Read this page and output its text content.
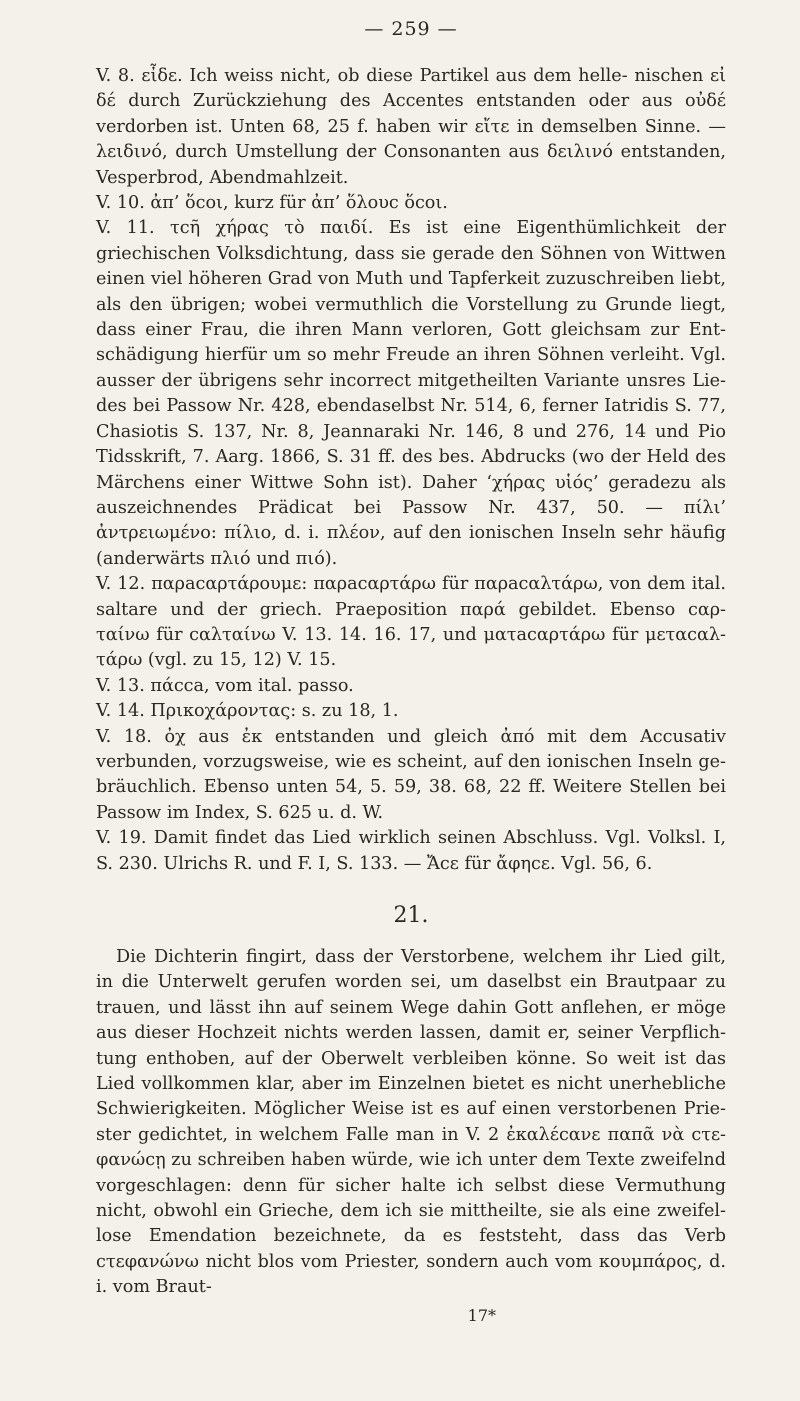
— 259 —

V. 8. εἶδε. Ich weiss nicht, ob diese Partikel aus dem helle- nischen εἰ δέ durch Zurückziehung des Accentes entstanden oder aus οὐδέ verdorben ist. Unten 68, 25 f. haben wir εἴτε in demselben Sinne. — λειδινό, durch Umstellung der Consonanten aus δειλινό entstanden, Vesperbrod, Abendmahlzeit.

V. 10. ἀπ’ ὅcoι, kurz für ἀπ’ ὅλουc ὅcoι.

V. 11. τcῆ χήρας τὸ παιδί. Es ist eine Eigenthümlichkeit der griechischen Volksdichtung, dass sie gerade den Söhnen von Wittwen einen viel höheren Grad von Muth und Tapferkeit zuzuschreiben liebt, als den übrigen; wobei vermuthlich die Vorstellung zu Grunde liegt, dass einer Frau, die ihren Mann verloren, Gott gleichsam zur Ent- schädigung hierfür um so mehr Freude an ihren Söhnen verleiht. Vgl. ausser der übrigens sehr incorrect mitgetheilten Variante unsres Lie- des bei Passow Nr. 428, ebendaselbst Nr. 514, 6, ferner Iatridis S. 77, Chasiotis S. 137, Nr. 8, Jeannaraki Nr. 146, 8 und 276, 14 und Pio Tidsskrift, 7. Aarg. 1866, S. 31 ff. des bes. Abdrucks (wo der Held des Märchens einer Wittwe Sohn ist). Daher ‘χήρας υἱός’ geradezu als auszeichnendes Prädicat bei Passow Nr. 437, 50. — πίλι’ ἀντρειωμένο: πίλιο, d. i. πλέον, auf den ionischen Inseln sehr häufig (anderwärts πλιό und πιό).

V. 12. παρacαρτάρουμε: παρacαρτάρω für παρacαλτάρω, von dem ital. saltare und der griech. Praeposition παρά gebildet. Ebenso cαρ- ταίνω für cαλταίνω V. 13. 14. 16. 17, und ματacαρτάρω für μεταcαλ- τάρω (vgl. zu 15, 12) V. 15.

V. 13. πάcca, vom ital. passo.

V. 14. Πρικοχάροντας: s. zu 18, 1.

V. 18. ὀχ aus ἐκ entstanden und gleich ἀπό mit dem Accusativ verbunden, vorzugsweise, wie es scheint, auf den ionischen Inseln ge- bräuchlich. Ebenso unten 54, 5. 59, 38. 68, 22 ff. Weitere Stellen bei Passow im Index, S. 625 u. d. W.

V. 19. Damit findet das Lied wirklich seinen Abschluss. Vgl. Volksl. I, S. 230. Ulrichs R. und F. I, S. 133. — Ἄcε für ἄφηcε. Vgl. 56, 6.

21.

Die Dichterin fingirt, dass der Verstorbene, welchem ihr Lied gilt, in die Unterwelt gerufen worden sei, um daselbst ein Brautpaar zu trauen, und lässt ihn auf seinem Wege dahin Gott anflehen, er möge aus dieser Hochzeit nichts werden lassen, damit er, seiner Verpflich- tung enthoben, auf der Oberwelt verbleiben könne. So weit ist das Lied vollkommen klar, aber im Einzelnen bietet es nicht unerhebliche Schwierigkeiten. Möglicher Weise ist es auf einen verstorbenen Prie- ster gedichtet, in welchem Falle man in V. 2 ἐκαλέcανε παπᾶ νὰ cτε- φανώcῃ zu schreiben haben würde, wie ich unter dem Texte zweifelnd vorgeschlagen: denn für sicher halte ich selbst diese Vermuthung nicht, obwohl ein Grieche, dem ich sie mittheilte, sie als eine zweifel- lose Emendation bezeichnete, da es feststeht, dass das Verb cτεφανώνω nicht blos vom Priester, sondern auch vom κουμπάρος, d. i. vom Braut-

17*
